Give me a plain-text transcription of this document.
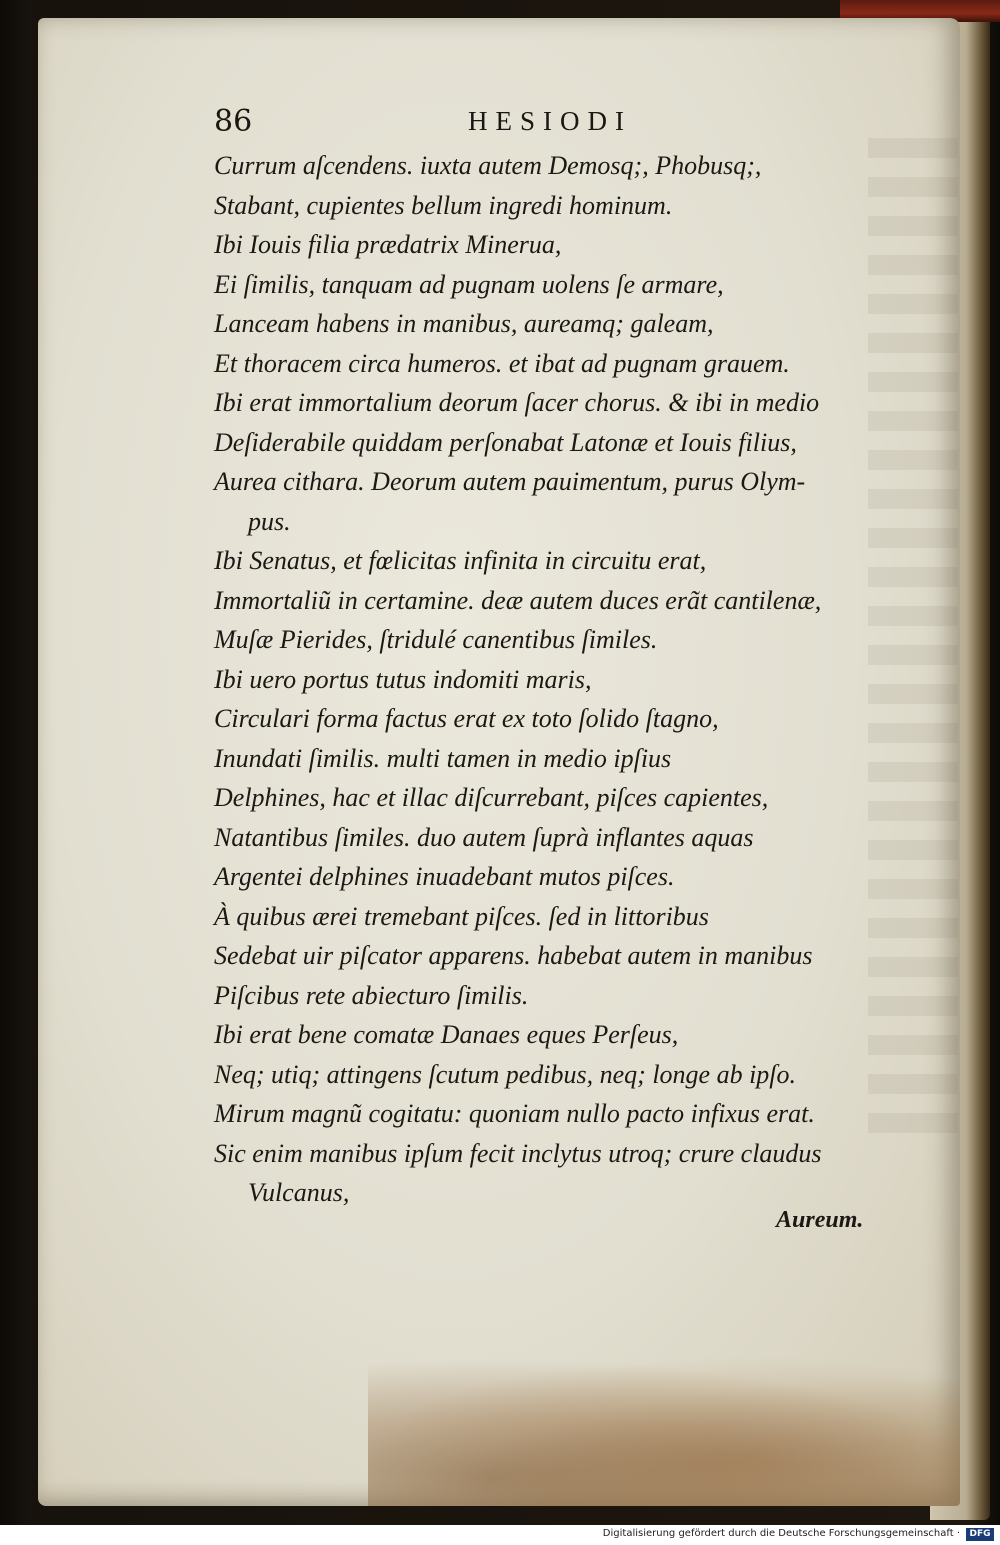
86	HESIODI
Currum aſcendens. iuxta autem Demosq;, Phobusq;,
Stabant, cupientes bellum ingredi hominum.
Ibi Iouis filia prædatrix Minerua,
Ei ſimilis, tanquam ad pugnam uolens ſe armare,
Lanceam habens in manibus, aureamq; galeam,
Et thoracem circa humeros. et ibat ad pugnam grauem.
Ibi erat immortalium deorum ſacer chorus. & ibi in medio
Deſiderabile quiddam perſonabat Latonæ et Iouis filius,
Aurea cithara. Deorum autem pauimentum, purus Olym-
pus.
Ibi Senatus, et fœlicitas infinita in circuitu erat,
Immortaliũ in certamine. deæ autem duces erãt cantilenæ,
Muſæ Pierides, ſtridulé canentibus ſimiles.
Ibi uero portus tutus indomiti maris,
Circulari forma factus erat ex toto ſolido ſtagno,
Inundati ſimilis. multi tamen in medio ipſius
Delphines, hac et illac diſcurrebant, piſces capientes,
Natantibus ſimiles. duo autem ſuprà inflantes aquas
Argentei delphines inuadebant mutos piſces.
À quibus ærei tremebant piſces. ſed in littoribus
Sedebat uir piſcator apparens. habebat autem in manibus
Piſcibus rete abiecturo ſimilis.
Ibi erat bene comatæ Danaes eques Perſeus,
Neq; utiq; attingens ſcutum pedibus, neq; longe ab ipſo.
Mirum magnũ cogitatu: quoniam nullo pacto infixus erat.
Sic enim manibus ipſum fecit inclytus utroq; crure claudus
Vulcanus,
Aureum.
Digitalisierung gefördert durch die Deutsche Forschungsgemeinschaft ·	DFG
